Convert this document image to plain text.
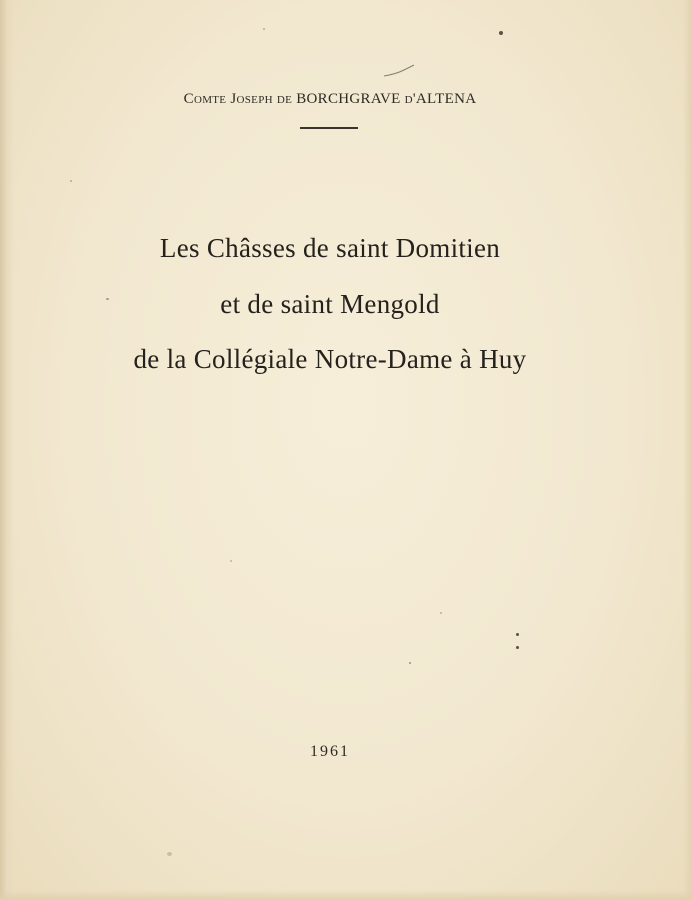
Comte Joseph de BORCHGRAVE d'ALTENA
Les Châsses de saint Domitien
et de saint Mengold
de la Collégiale Notre-Dame à Huy
1961
